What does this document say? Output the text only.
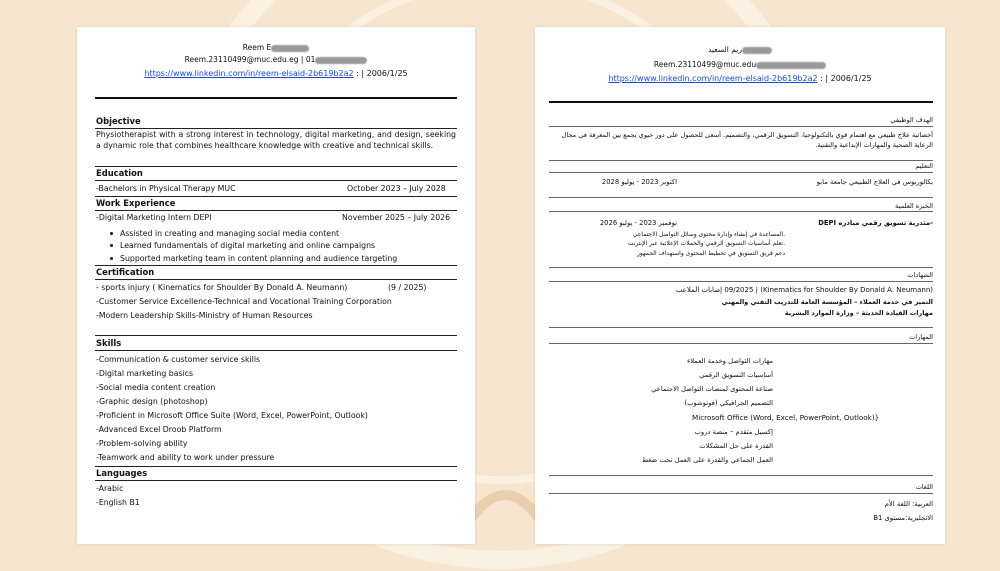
Reem E
Reem.23110499@muc.edu.eg | 01
https://www.linkedin.com/in/reem-elsaid-2b619b2a2 : | 2006/1/25
Objective
Physiotherapist with a strong interest in technology, digital marketing, and design, seeking a dynamic role that combines healthcare knowledge with creative and technical skills.
Education
-Bachelors in Physical Therapy MUC	October 2023 – July 2028
Work Experience
-Digital Marketing Intern DEPI	November 2025 – July 2026
Assisted in creating and managing social media content
Learned fundamentals of digital marketing and online campaigns
Supported marketing team in content planning and audience targeting
Certification
- sports injury ( Kinematics for Shoulder By Donald A. Neumann)	(9 / 2025)
-Customer Service Excellence-Technical and Vocational Training Corporation
-Modern Leadership Skills-Ministry of Human Resources
Skills
-Communication & customer service skills
-Digital marketing basics
-Social media content creation
-Graphic design (photoshop)
-Proficient in Microsoft Office Suite (Word, Excel, PowerPoint, Outlook)
-Advanced Excel Droob Platform
-Problem-solving ability
-Teamwork and ability to work under pressure
Languages
-Arabic
-English B1
ريم السعيد
Reem.23110499@muc.edu
https://www.linkedin.com/in/reem-elsaid-2b619b2a2 : | 2006/1/25
الهدف الوظيفي
أخصائية علاج طبيعي مع اهتمام قوي بالتكنولوجيا، التسويق الرقمي، والتصميم. أسعى للحصول على دور حيوي يجمع بين المعرفة في مجال الرعاية الصحية والمهارات الإبداعية والتقنية.
التعليم
بكالوريوس في العلاج الطبيعي جامعة مابو
اكتوبر 2023 - يوليو 2028
الخبرة العلمية
-متدربة تسويق رقمي مبادره DEPI
نوفمبر 2023 - يوليو 2026
.المساعدة في إنشاء وإدارة محتوى وسائل التواصل الاجتماعي
.تعلم أساسيات التسويق الرقمي والحملات الإعلانية عبر الإنترنت
دعم فريق التسويق في تخطيط المحتوى واستهداف الجمهور
الشهادات
(Kinematics for Shoulder By Donald A. Neumann) | 09/2025 إصابات الملاعب
التميز في خدمة العملاء – المؤسسة العامة للتدريب التقني والمهني
مهارات القيادة الحديثة – وزارة الموارد البشرية
المهارات
مهارات التواصل وخدمة العملاء
أساسيات التسويق الرقمي
صناعة المحتوى لمنصات التواصل الاجتماعي
التصميم الجرافيكي (فوتوشوب)
Microsoft Office (Word, Excel, PowerPoint, Outlook)}
إكسيل متقدم – منصة دروب
القدرة على حل المشكلات
العمل الجماعي والقدرة على العمل تحت ضغط
اللغات
العربية: اللغة الأم
الانجليزية:مستوى B1
